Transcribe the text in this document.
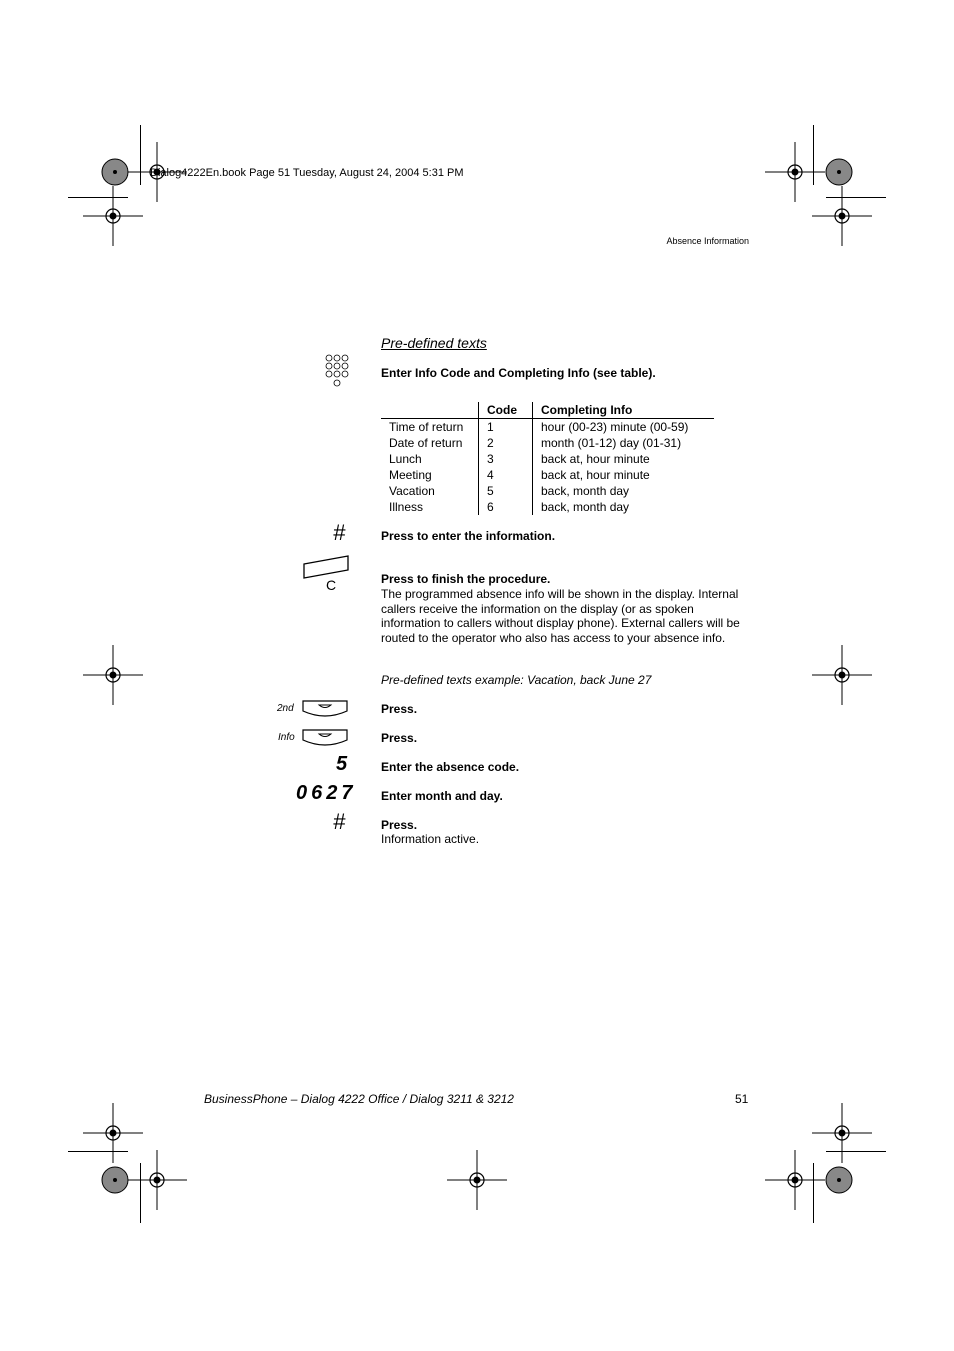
Dialog4222En.book Page 51 Tuesday, August 24, 2004 5:31 PM
Absence Information
Pre-defined texts
Enter Info Code and Completing Info (see table).
	Code	Completing Info
Time of return	1	hour (00-23) minute (00-59)
Date of return	2	month (01-12) day (01-31)
Lunch	3	back at, hour minute
Meeting	4	back at, hour minute
Vacation	5	back, month day
Illness	6	back, month day
#	Press to enter the information.
C	Press to finish the procedure.
The programmed absence info will be shown in the display. Internal callers receive the information on the display (or as spoken information to callers without display phone). External callers will be routed to the operator who also has access to your absence info.
Pre-defined texts example: Vacation, back June 27
2nd	Press.
Info	Press.
5 Enter the absence code.
0627 Enter month and day.
#	Press.
Information active.
BusinessPhone – Dialog 4222 Office / Dialog 3211 & 3212	51
